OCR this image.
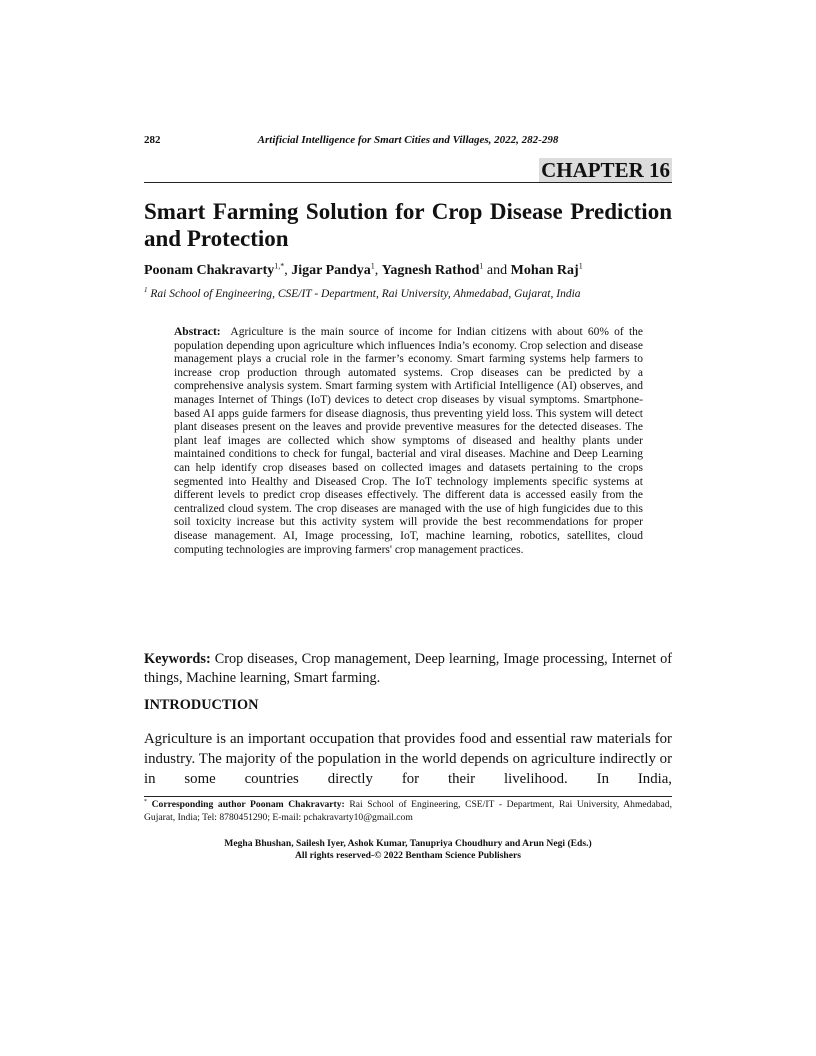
282	Artificial Intelligence for Smart Cities and Villages, 2022, 282-298
CHAPTER 16
Smart Farming Solution for Crop Disease Prediction and Protection
Poonam Chakravarty$^{1,*}$, Jigar Pandya$^1$, Yagnesh Rathod$^1$ and Mohan Raj$^1$
$^1$ Rai School of Engineering, CSE/IT - Department, Rai University, Ahmedabad, Gujarat, India
Abstract: Agriculture is the main source of income for Indian citizens with about 60% of the population depending upon agriculture which influences India’s economy. Crop selection and disease management plays a crucial role in the farmer’s economy. Smart farming systems help farmers to increase crop production through automated systems. Crop diseases can be predicted by a comprehensive analysis system. Smart farming system with Artificial Intelligence (AI) observes, and manages Internet of Things (IoT) devices to detect crop diseases by visual symptoms. Smartphone-based AI apps guide farmers for disease diagnosis, thus preventing yield loss. This system will detect plant diseases present on the leaves and provide preventive measures for the detected diseases. The plant leaf images are collected which show symptoms of diseased and healthy plants under maintained conditions to check for fungal, bacterial and viral diseases. Machine and Deep Learning can help identify crop diseases based on collected images and datasets pertaining to the crops segmented into Healthy and Diseased Crop. The IoT technology implements specific systems at different levels to predict crop diseases effectively. The different data is accessed easily from the centralized cloud system. The crop diseases are managed with the use of high fungicides due to this soil toxicity increase but this activity system will provide the best recommendations for proper disease management. AI, Image processing, IoT, machine learning, robotics, satellites, cloud computing technologies are improving farmers' crop management practices.
Keywords: Crop diseases, Crop management, Deep learning, Image processing, Internet of things, Machine learning, Smart farming.
INTRODUCTION
Agriculture is an important occupation that provides food and essential raw materials for industry. The majority of the population in the world depends on agriculture indirectly or in some countries directly for their livelihood. In India,
* Corresponding author Poonam Chakravarty: Rai School of Engineering, CSE/IT - Department, Rai University, Ahmedabad, Gujarat, India; Tel: 8780451290; E-mail: pchakravarty10@gmail.com
Megha Bhushan, Sailesh Iyer, Ashok Kumar, Tanupriya Choudhury and Arun Negi (Eds.)
All rights reserved-© 2022 Bentham Science Publishers
